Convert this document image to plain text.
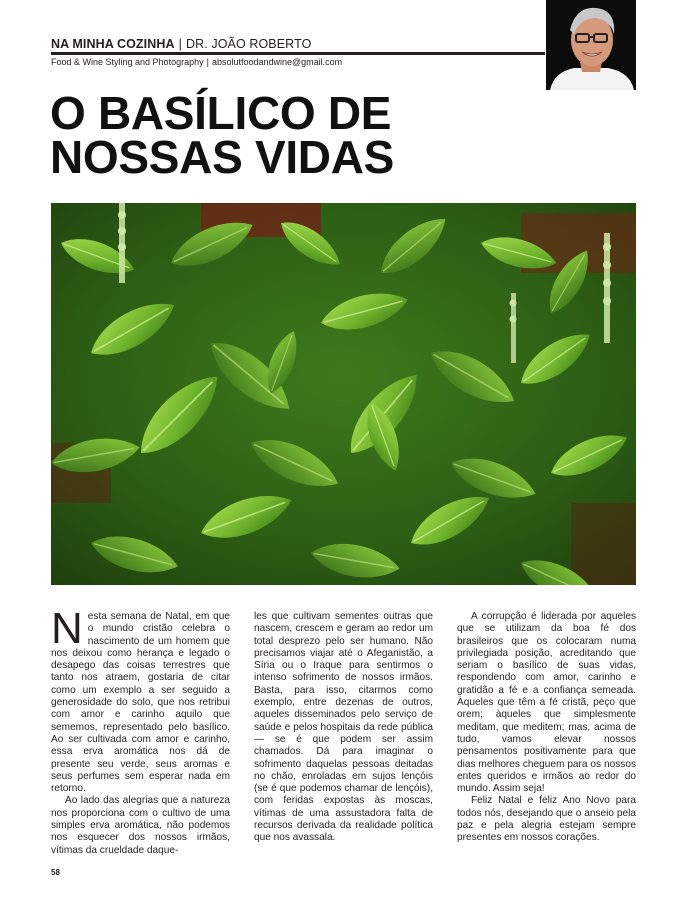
NA MINHA COZINHA | DR. JOÃO ROBERTO
Food & Wine Styling and Photography | absolutfoodandwine@gmail.com
O BASÍLICO DE
NOSSAS VIDAS

Nesta semana de Natal, em que o mundo cristão celebra o nascimento de um homem que nos deixou como herança e legado o desapego das coisas terrestres que tanto nos atraem, gostaria de citar como um exemplo a ser seguido a generosidade do solo, que nos retribui com amor e carinho aquilo que sememos, representado pelo basílico. Ao ser cultivada com amor e carinho, essa erva aromática nos dá de presente seu verde, seus aromas e seus perfumes sem esperar nada em retorno.

Ao lado das alegrias que a natureza nos proporciona com o cultivo de uma simples erva aromática, não podemos nos esquecer dos nossos irmãos, vítimas da crueldade daque-

les que cultivam sementes outras que nascem, crescem e geram ao redor um total desprezo pelo ser humano. Não precisamos viajar até o Afeganistão, a Síria ou o Iraque para sentirmos o intenso sofrimento de nossos irmãos. Basta, para isso, citarmos como exemplo, entre dezenas de outros, aqueles disseminados pelo serviço de saúde e pelos hospitais da rede pública — se é que podem ser assim chamados. Dá para imaginar o sofrimento daquelas pessoas deitadas no chão, enroladas em sujos lençóis (se é que podemos chamar de lençóis), com feridas expostas às moscas, vítimas de uma assustadora falta de recursos derivada da realidade política que nos avassala.

A corrupção é liderada por aqueles que se utilizam da boa fé dos brasileiros que os colocaram numa privilegiada posição, acreditando que seriam o basílico de suas vidas, respondendo com amor, carinho e gratidão a fé e a confiança semeada. Àqueles que têm a fé cristã, peço que orem; àqueles que simplesmente meditam, que meditem; mas, acima de tudo, vamos elevar nossos pensamentos positivamente para que dias melhores cheguem para os nossos entes queridos e irmãos ao redor do mundo. Assim seja!

Feliz Natal e feliz Ano Novo para todos nós, desejando que o anseio pela paz e pela alegria estejam sempre presentes em nossos corações.

58
